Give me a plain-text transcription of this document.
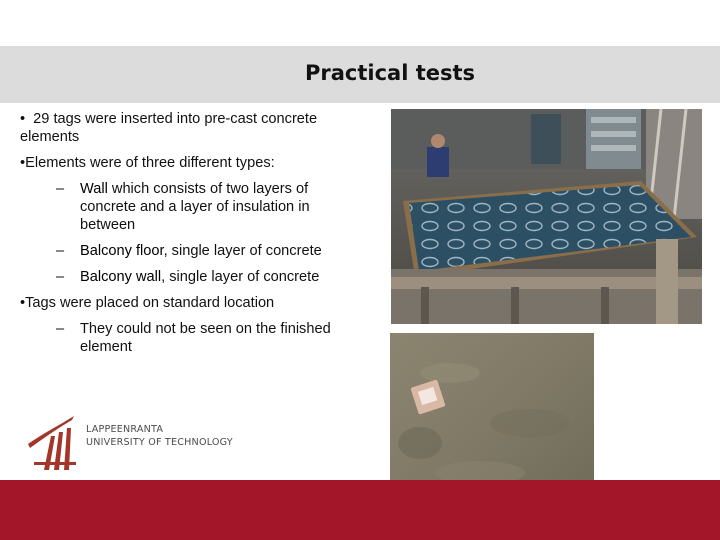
Practical tests

• 29 tags were inserted into pre-cast concrete elements

•Elements were of three different types:

– Wall which consists of two layers of concrete and a layer of insulation in between

– Balcony floor, single layer of concrete

– Balcony wall, single layer of concrete

•Tags were placed on standard location

– They could not be seen on the finished element

LAPPEENRANTA
UNIVERSITY OF TECHNOLOGY
